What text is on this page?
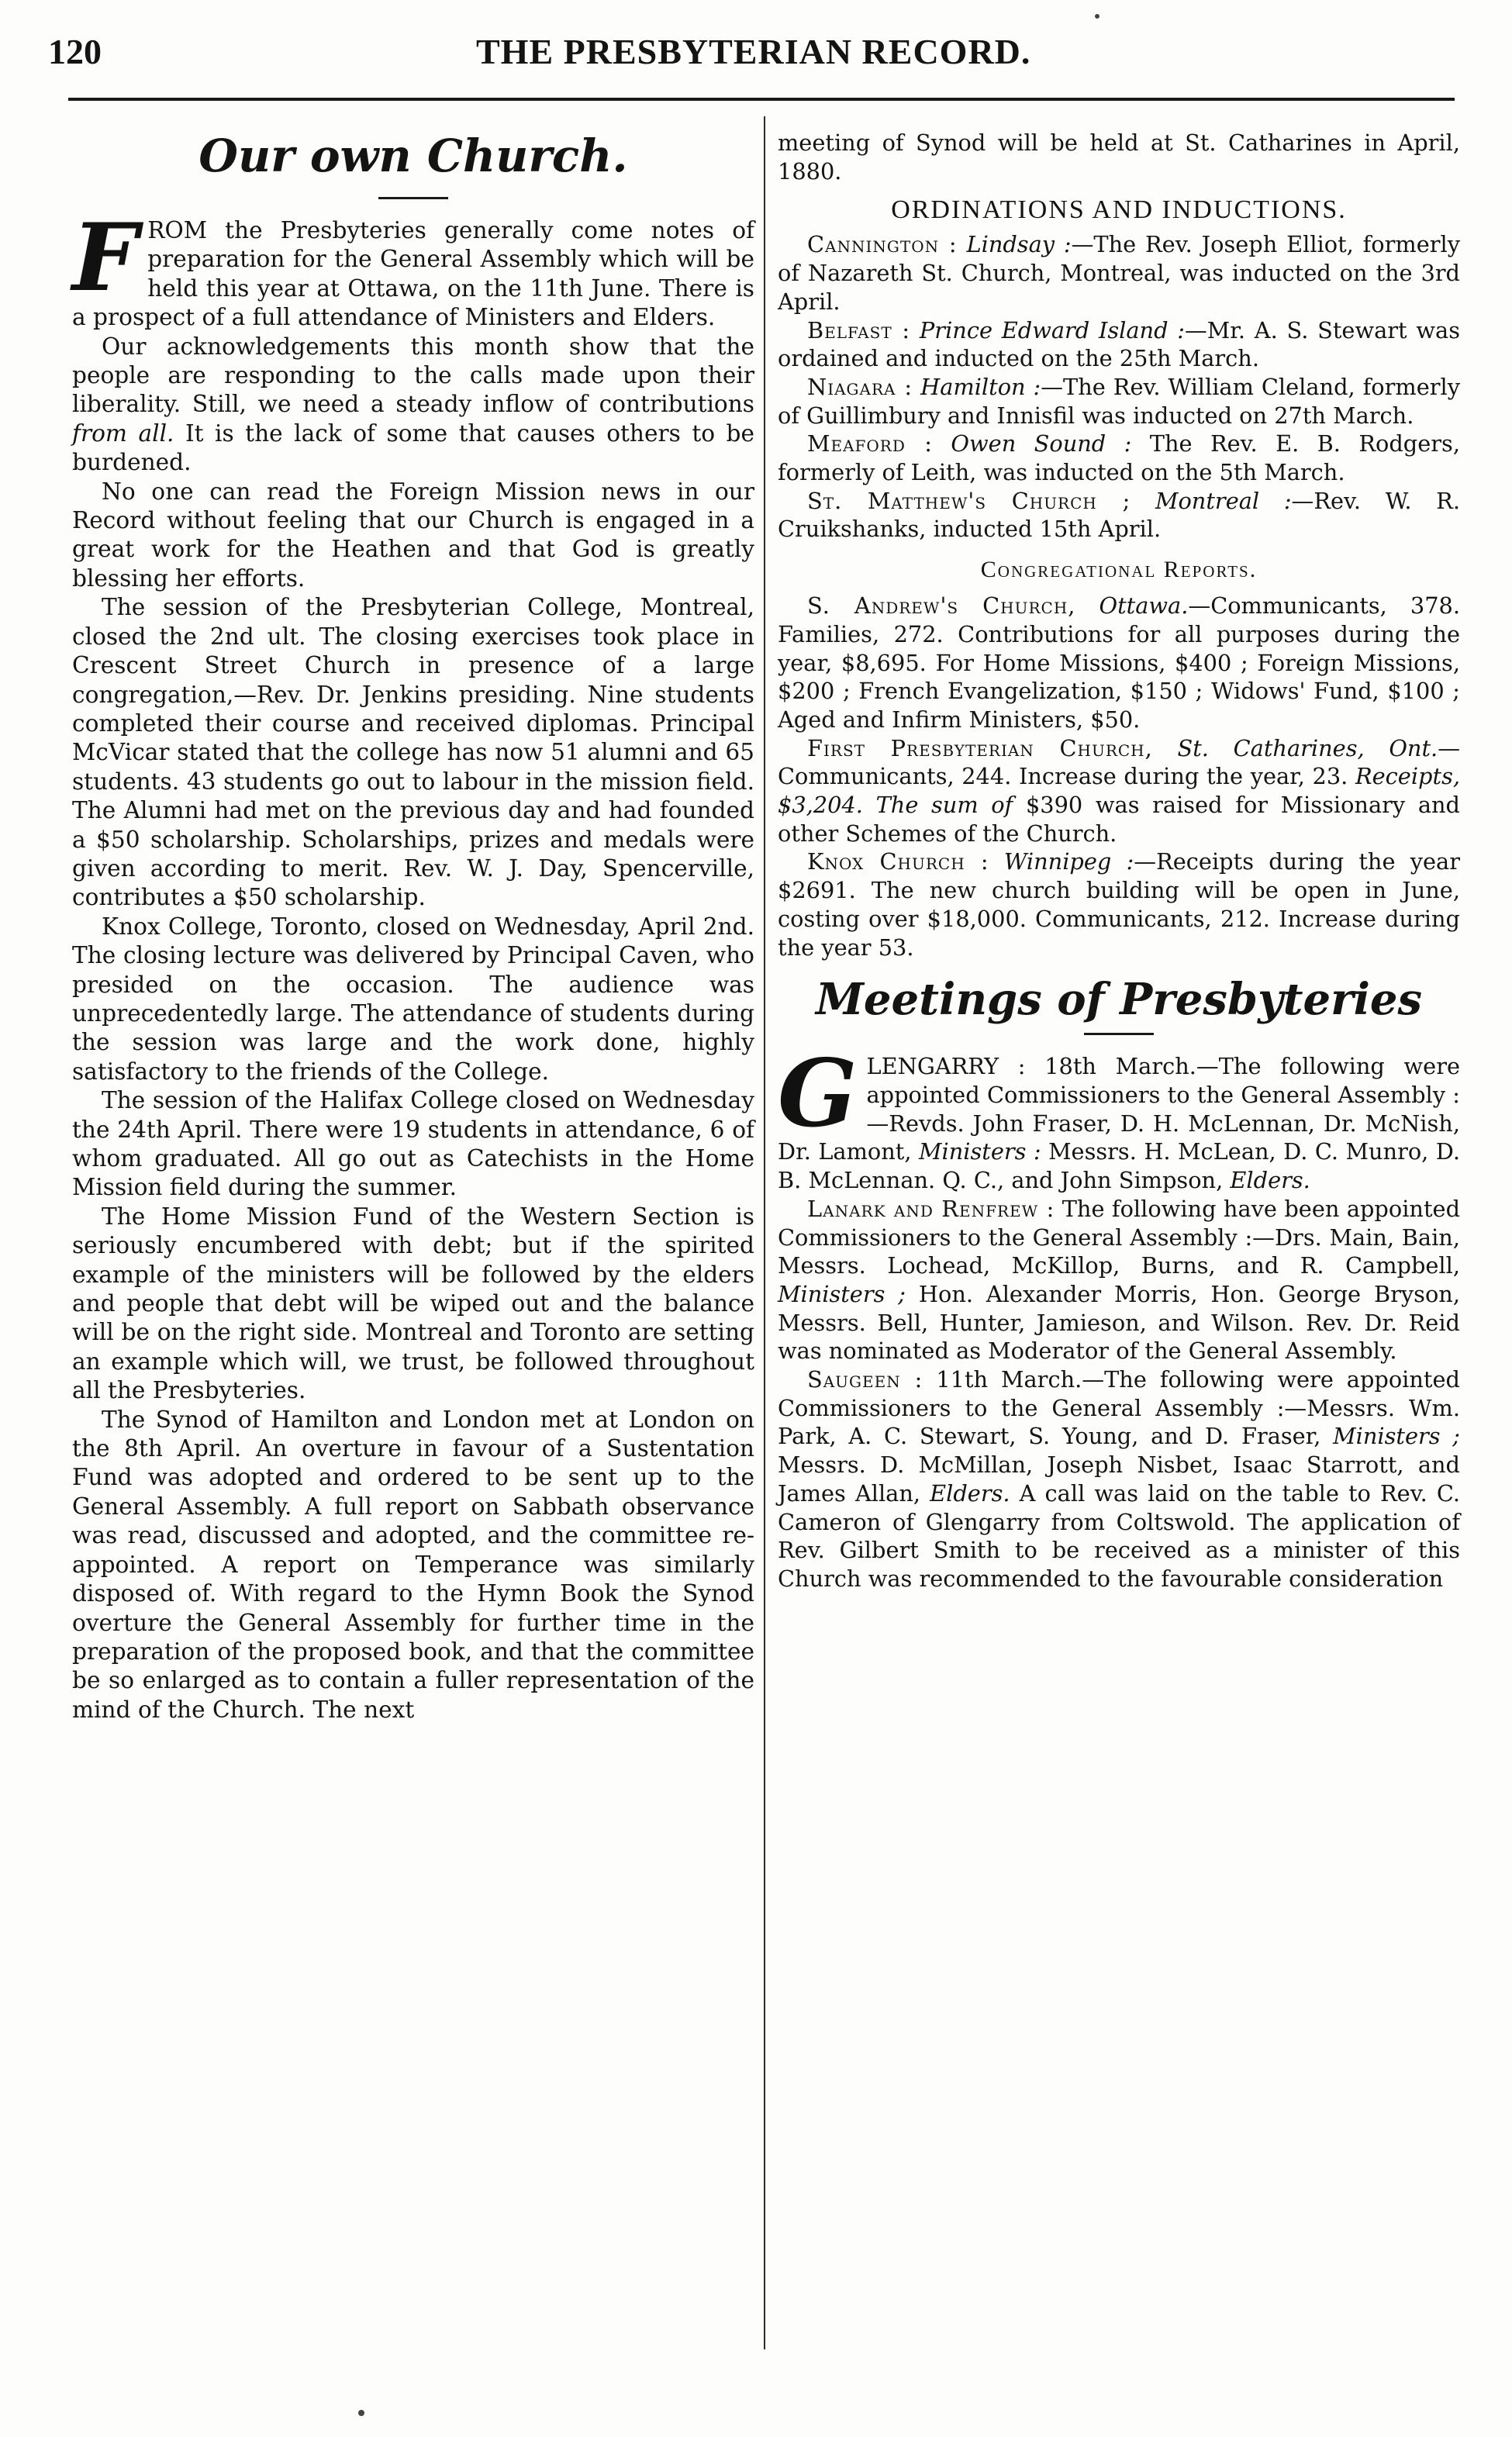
120	THE PRESBYTERIAN RECORD.
Our own Church.

FROM the Presbyteries generally come notes of preparation for the General Assembly which will be held this year at Ottawa, on the 11th June. There is a prospect of a full attendance of Ministers and Elders.

Our acknowledgements this month show that the people are responding to the calls made upon their liberality. Still, we need a steady inflow of contributions from all. It is the lack of some that causes others to be burdened.

No one can read the Foreign Mission news in our Record without feeling that our Church is engaged in a great work for the Heathen and that God is greatly blessing her efforts.

The session of the Presbyterian College, Montreal, closed the 2nd ult. The closing exercises took place in Crescent Street Church in presence of a large congregation,—Rev. Dr. Jenkins presiding. Nine students completed their course and received diplomas. Principal McVicar stated that the college has now 51 alumni and 65 students. 43 students go out to labour in the mission field. The Alumni had met on the previous day and had founded a $50 scholarship. Scholarships, prizes and medals were given according to merit. Rev. W. J. Day, Spencerville, contributes a $50 scholarship.

Knox College, Toronto, closed on Wednesday, April 2nd. The closing lecture was delivered by Principal Caven, who presided on the occasion. The audience was unprecedentedly large. The attendance of students during the session was large and the work done, highly satisfactory to the friends of the College.

The session of the Halifax College closed on Wednesday the 24th April. There were 19 students in attendance, 6 of whom graduated. All go out as Catechists in the Home Mission field during the summer.

The Home Mission Fund of the Western Section is seriously encumbered with debt; but if the spirited example of the ministers will be followed by the elders and people that debt will be wiped out and the balance will be on the right side. Montreal and Toronto are setting an example which will, we trust, be followed throughout all the Presbyteries.

The Synod of Hamilton and London met at London on the 8th April. An overture in favour of a Sustentation Fund was adopted and ordered to be sent up to the General Assembly. A full report on Sabbath observance was read, discussed and adopted, and the committee re-appointed. A report on Temperance was similarly disposed of. With regard to the Hymn Book the Synod overture the General Assembly for further time in the preparation of the proposed book, and that the committee be so enlarged as to contain a fuller representation of the mind of the Church. The next

meeting of Synod will be held at St. Catharines in April, 1880.

ORDINATIONS AND INDUCTIONS.

Cannington : Lindsay :—The Rev. Joseph Elliot, formerly of Nazareth St. Church, Montreal, was inducted on the 3rd April.

Belfast : Prince Edward Island :—Mr. A. S. Stewart was ordained and inducted on the 25th March.

Niagara : Hamilton :—The Rev. William Cleland, formerly of Guillimbury and Innisfil was inducted on 27th March.

Meaford : Owen Sound : The Rev. E. B. Rodgers, formerly of Leith, was inducted on the 5th March.

St. Matthew's Church ; Montreal :—Rev. W. R. Cruikshanks, inducted 15th April.

Congregational Reports.

S. Andrew's Church, Ottawa.—Communicants, 378. Families, 272. Contributions for all purposes during the year, $8,695. For Home Missions, $400 ; Foreign Missions, $200 ; French Evangelization, $150 ; Widows' Fund, $100 ; Aged and Infirm Ministers, $50.

First Presbyterian Church, St. Catharines, Ont.—Communicants, 244. Increase during the year, 23. Receipts, $3,204. The sum of $390 was raised for Missionary and other Schemes of the Church.

Knox Church : Winnipeg :—Receipts during the year $2691. The new church building will be open in June, costing over $18,000. Communicants, 212. Increase during the year 53.

Meetings of Presbyteries

GLENGARRY : 18th March.—The following were appointed Commissioners to the General Assembly :—Revds. John Fraser, D. H. McLennan, Dr. McNish, Dr. Lamont, Ministers : Messrs. H. McLean, D. C. Munro, D. B. McLennan. Q. C., and John Simpson, Elders.

Lanark and Renfrew : The following have been appointed Commissioners to the General Assembly :—Drs. Main, Bain, Messrs. Lochead, McKillop, Burns, and R. Campbell, Ministers ; Hon. Alexander Morris, Hon. George Bryson, Messrs. Bell, Hunter, Jamieson, and Wilson. Rev. Dr. Reid was nominated as Moderator of the General Assembly.

Saugeen : 11th March.—The following were appointed Commissioners to the General Assembly :—Messrs. Wm. Park, A. C. Stewart, S. Young, and D. Fraser, Ministers ; Messrs. D. McMillan, Joseph Nisbet, Isaac Starrott, and James Allan, Elders. A call was laid on the table to Rev. C. Cameron of Glengarry from Coltswold. The application of Rev. Gilbert Smith to be received as a minister of this Church was recommended to the favourable consideration
